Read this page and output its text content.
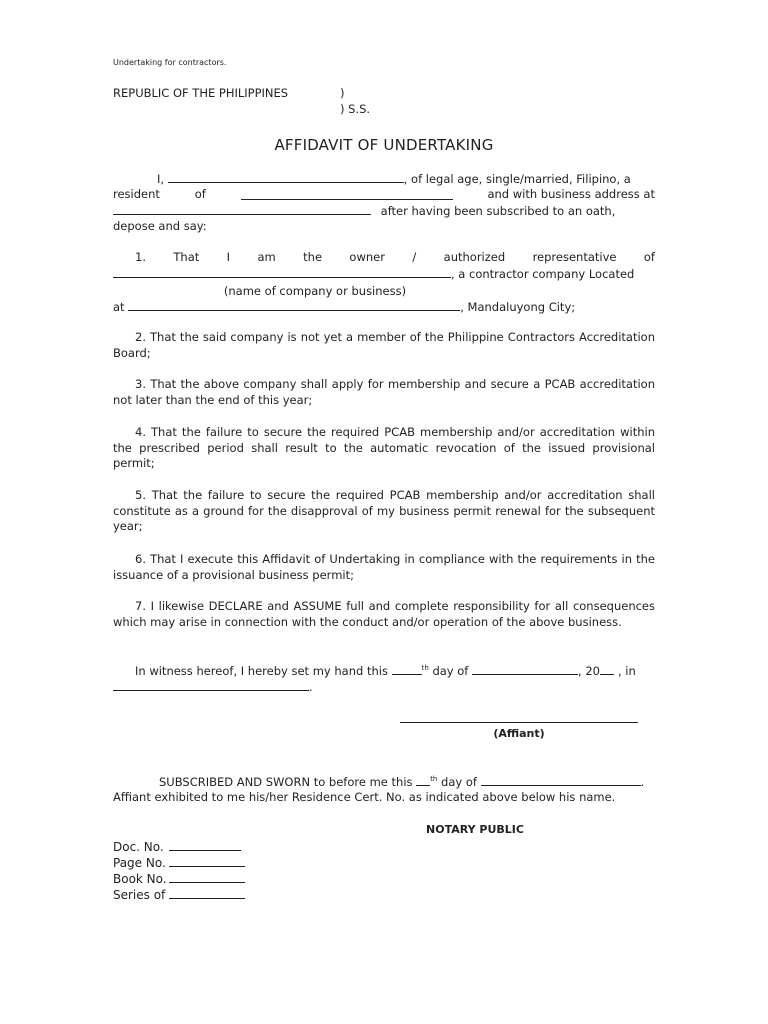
Undertaking for contractors.
REPUBLIC OF THE PHILIPPINES	)
) S.S.
AFFIDAVIT OF UNDERTAKING
I,	, of legal age, single/married, Filipino, a
resident	of	and with business address at
after having been subscribed to an oath,
depose and say:
1. That I am the owner / authorized representative of
, a contractor company Located
(name of company or business)
at	, Mandaluyong City;
2. That the said company is not yet a member of the Philippine Contractors Accreditation Board;
3. That the above company shall apply for membership and secure a PCAB accreditation not later than the end of this year;
4. That the failure to secure the required PCAB membership and/or accreditation within the prescribed period shall result to the automatic revocation of the issued provisional permit;
5. That the failure to secure the required PCAB membership and/or accreditation shall constitute as a ground for the disapproval of my business permit renewal for the subsequent year;
6. That I execute this Affidavit of Undertaking in compliance with the requirements in the issuance of a provisional business permit;
7. I likewise DECLARE and ASSUME full and complete responsibility for all consequences which may arise in connection with the conduct and/or operation of the above business.
In witness hereof, I hereby set my hand this	$^{th}$ day of	, 20 , in
.
(Affiant)
SUBSCRIBED AND SWORN to before me this	$^{th}$ day of	.
Affiant exhibited to me his/her Residence Cert. No. as indicated above below his name.
NOTARY PUBLIC
Doc. No.
Page No.
Book No.
Series of
